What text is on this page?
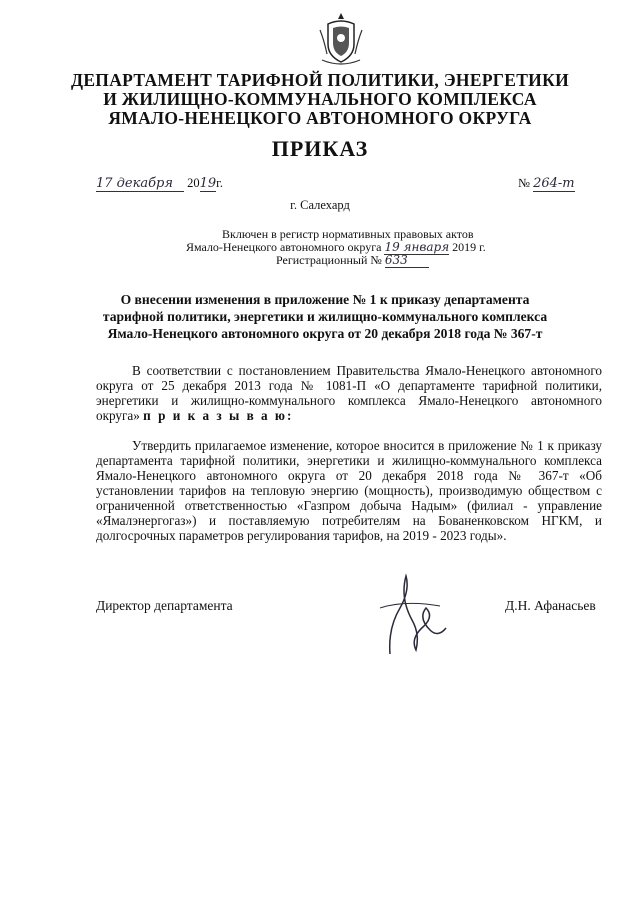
ДЕПАРТАМЕНТ ТАРИФНОЙ ПОЛИТИКИ, ЭНЕРГЕТИКИ
И ЖИЛИЩНО-КОММУНАЛЬНОГО КОМПЛЕКСА
ЯМАЛО-НЕНЕЦКОГО АВТОНОМНОГО ОКРУГА
ПРИКАЗ
17 декабря 2019г.	№ 264-т
г. Салехард
Включен в регистр нормативных правовых актов
Ямало-Ненецкого автономного округа 19 января 2019 г.
Регистрационный № 633
О внесении изменения в приложение № 1 к приказу департамента
тарифной политики, энергетики и жилищно-коммунального комплекса
Ямало-Ненецкого автономного округа от 20 декабря 2018 года № 367-т
В соответствии с постановлением Правительства Ямало-Ненецкого автономного округа от 25 декабря 2013 года № 1081-П «О департаменте тарифной политики, энергетики и жилищно-коммунального комплекса Ямало-Ненецкого автономного округа» п р и к а з ы в а ю:
Утвердить прилагаемое изменение, которое вносится в приложение № 1 к приказу департамента тарифной политики, энергетики и жилищно-коммунального комплекса Ямало-Ненецкого автономного округа от 20 декабря 2018 года № 367-т «Об установлении тарифов на тепловую энергию (мощность), производимую обществом с ограниченной ответственностью «Газпром добыча Надым» (филиал - управление «Ямалэнергогаз») и поставляемую потребителям на Бованенковском НГКМ, и долгосрочных параметров регулирования тарифов, на 2019 - 2023 годы».
Директор департамента	Д.Н. Афанасьев
